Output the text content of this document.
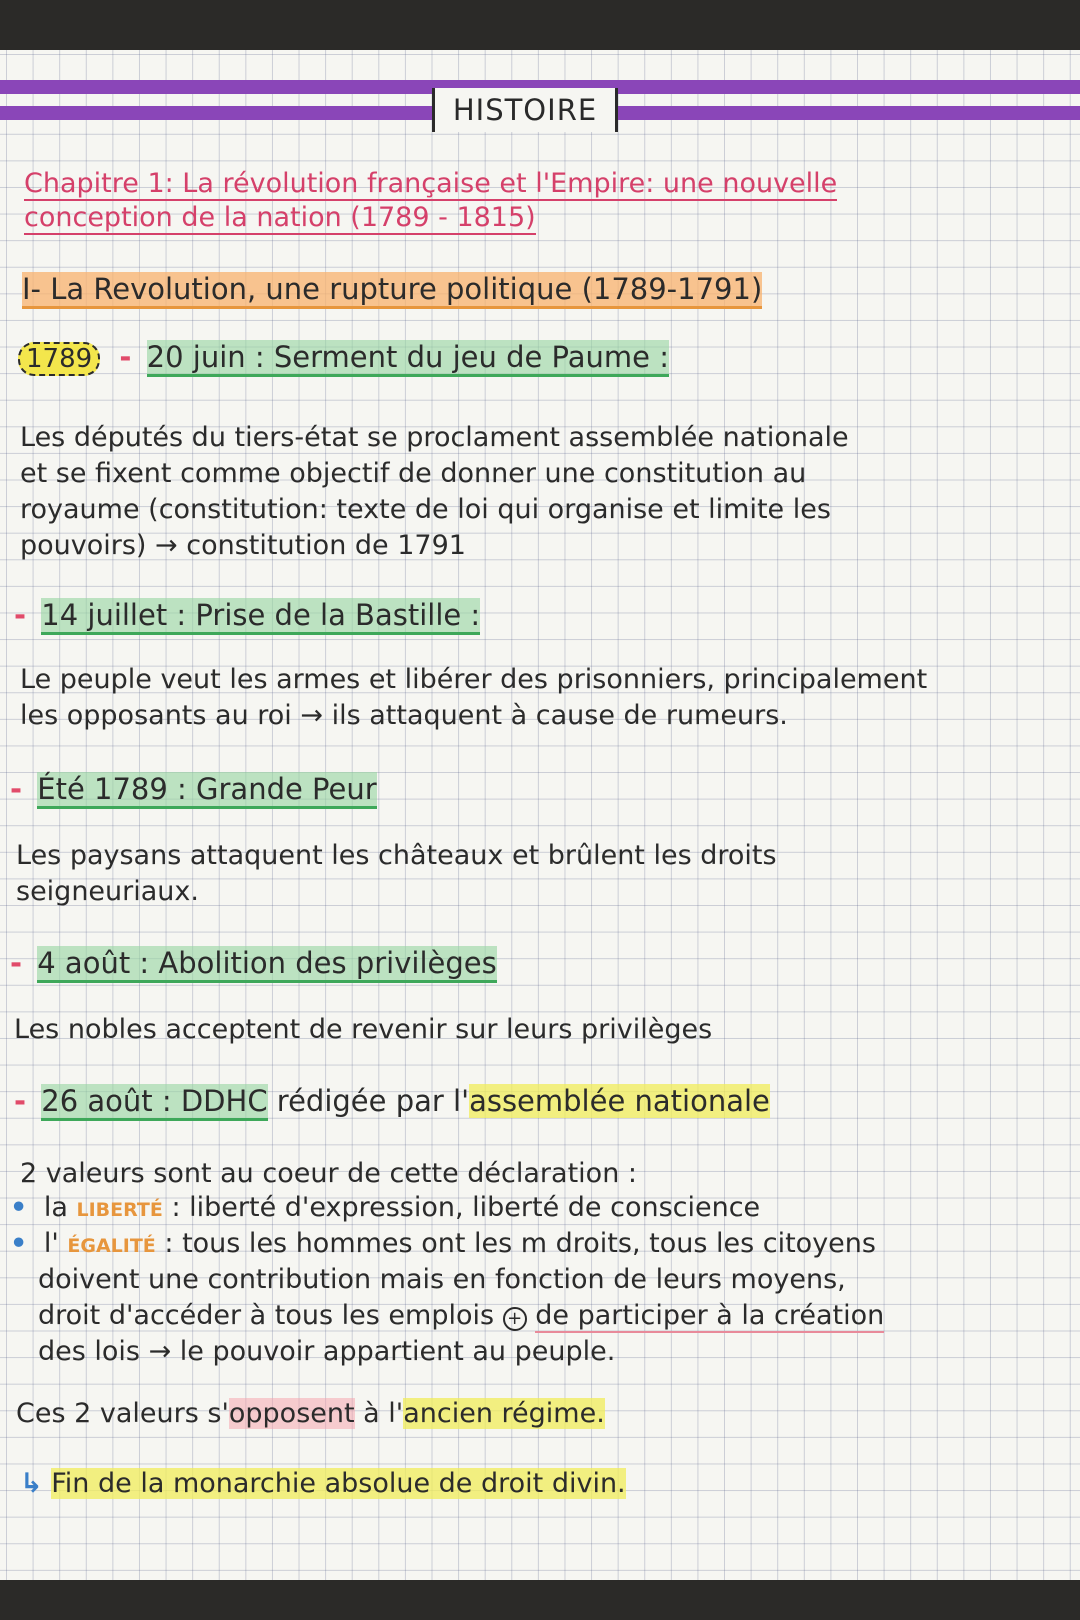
HISTOIRE
Chapitre 1: La révolution française et l'Empire: une nouvelle
conception de la nation (1789 - 1815)
I- La Revolution, une rupture politique (1789-1791)
1789 - 20 juin : Serment du jeu de Paume :
Les députés du tiers-état se proclament assemblée nationale
et se fixent comme objectif de donner une constitution au
royaume (constitution: texte de loi qui organise et limite les
pouvoirs) → constitution de 1791
- 14 juillet : Prise de la Bastille :
Le peuple veut les armes et libérer des prisonniers, principalement
les opposants au roi → ils attaquent à cause de rumeurs.
- Été 1789 : Grande Peur
Les paysans attaquent les châteaux et brûlent les droits
seigneuriaux.
- 4 août : Abolition des privilèges
Les nobles acceptent de revenir sur leurs privilèges
- 26 août : DDHC rédigée par l'assemblée nationale
2 valeurs sont au coeur de cette déclaration :
• la LIBERTÉ : liberté d'expression, liberté de conscience
• l' ÉGALITÉ : tous les hommes ont les m droits, tous les citoyens
doivent une contribution mais en fonction de leurs moyens,
droit d'accéder à tous les emplois + de participer à la création
des lois → le pouvoir appartient au peuple.
Ces 2 valeurs s'opposent à l'ancien régime.
↳ Fin de la monarchie absolue de droit divin.
